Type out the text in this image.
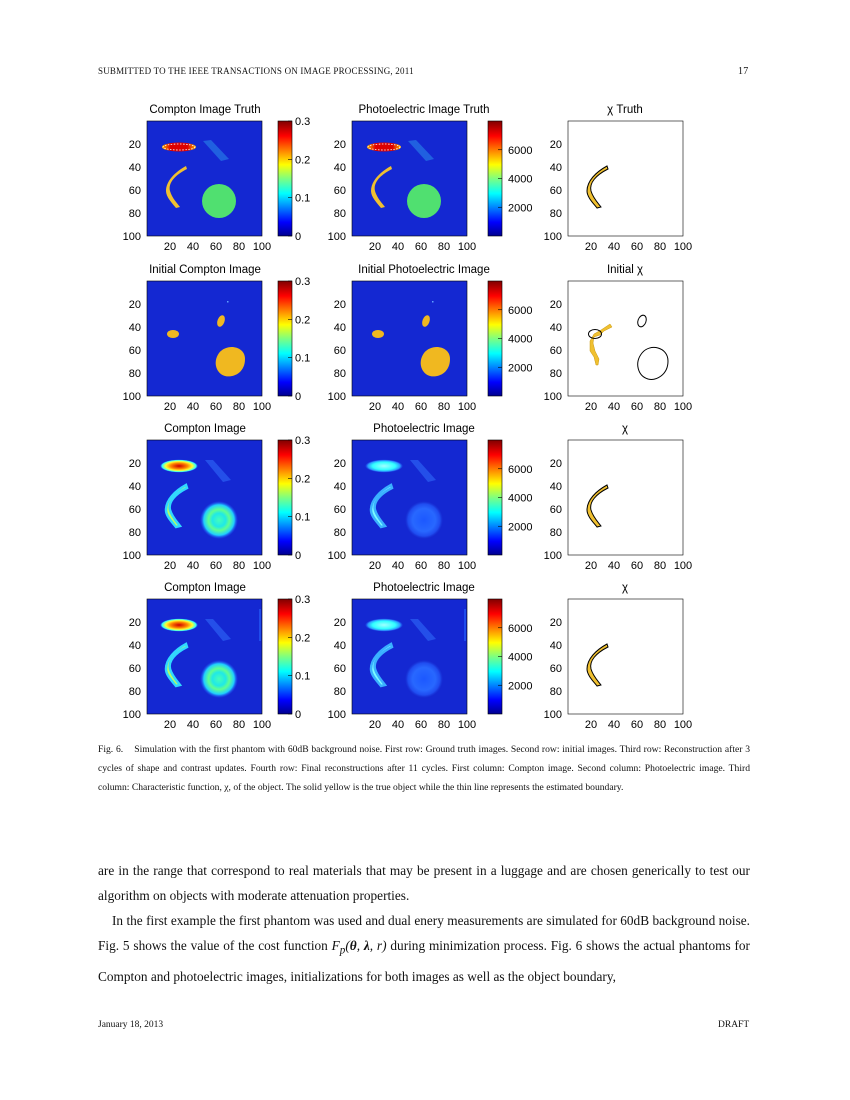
SUBMITTED TO THE IEEE TRANSACTIONS ON IMAGE PROCESSING, 2011	17
Compton Image Truth	Photoelectric Image Truth	χ Truth
20
40
60
80
100
20 40 60 80 100
0.3
0.2
0.1
0
20
40
60
80
100
20 40 60 80 100
6000
4000
2000
20
40
60
80
100
20 40 60 80 100
Initial Compton Image	Initial Photoelectric Image	Initial χ
20
40
60
80
100
20 40 60 80 100
0.3
0.2
0.1
0
20
40
60
80
100
20 40 60 80 100
6000
4000
2000
20
40
60
80
100
20 40 60 80 100
Compton Image	Photoelectric Image	χ
20
40
60
80
100
20 40 60 80 100
0.3
0.2
0.1
0
20
40
60
80
100
20 40 60 80 100
6000
4000
2000
20
40
60
80
100
20 40 60 80 100
Compton Image	Photoelectric Image	χ
20
40
60
80
100
20 40 60 80 100
0.3
0.2
0.1
0
20
40
60
80
100
20 40 60 80 100
6000
4000
2000
20
40
60
80
100
20 40 60 80 100
Fig. 6. Simulation with the first phantom with 60dB background noise. First row: Ground truth images. Second row: initial images. Third row: Reconstruction after 3 cycles of shape and contrast updates. Fourth row: Final reconstructions after 11 cycles. First column: Compton image. Second column: Photoelectric image. Third column: Characteristic function, χ, of the object. The solid yellow is the true object while the thin line represents the estimated boundary.
are in the range that correspond to real materials that may be present in a luggage and are chosen generically to test our algorithm on objects with moderate attenuation properties.
In the first example the first phantom was used and dual enery measurements are simulated for 60dB background noise. Fig. 5 shows the value of the cost function $F_p(\theta$, λ, r) during minimization process. Fig. 6 shows the actual phantoms for Compton and photoelectric images, initializations for both images as well as the object boundary,
January 18, 2013	DRAFT
